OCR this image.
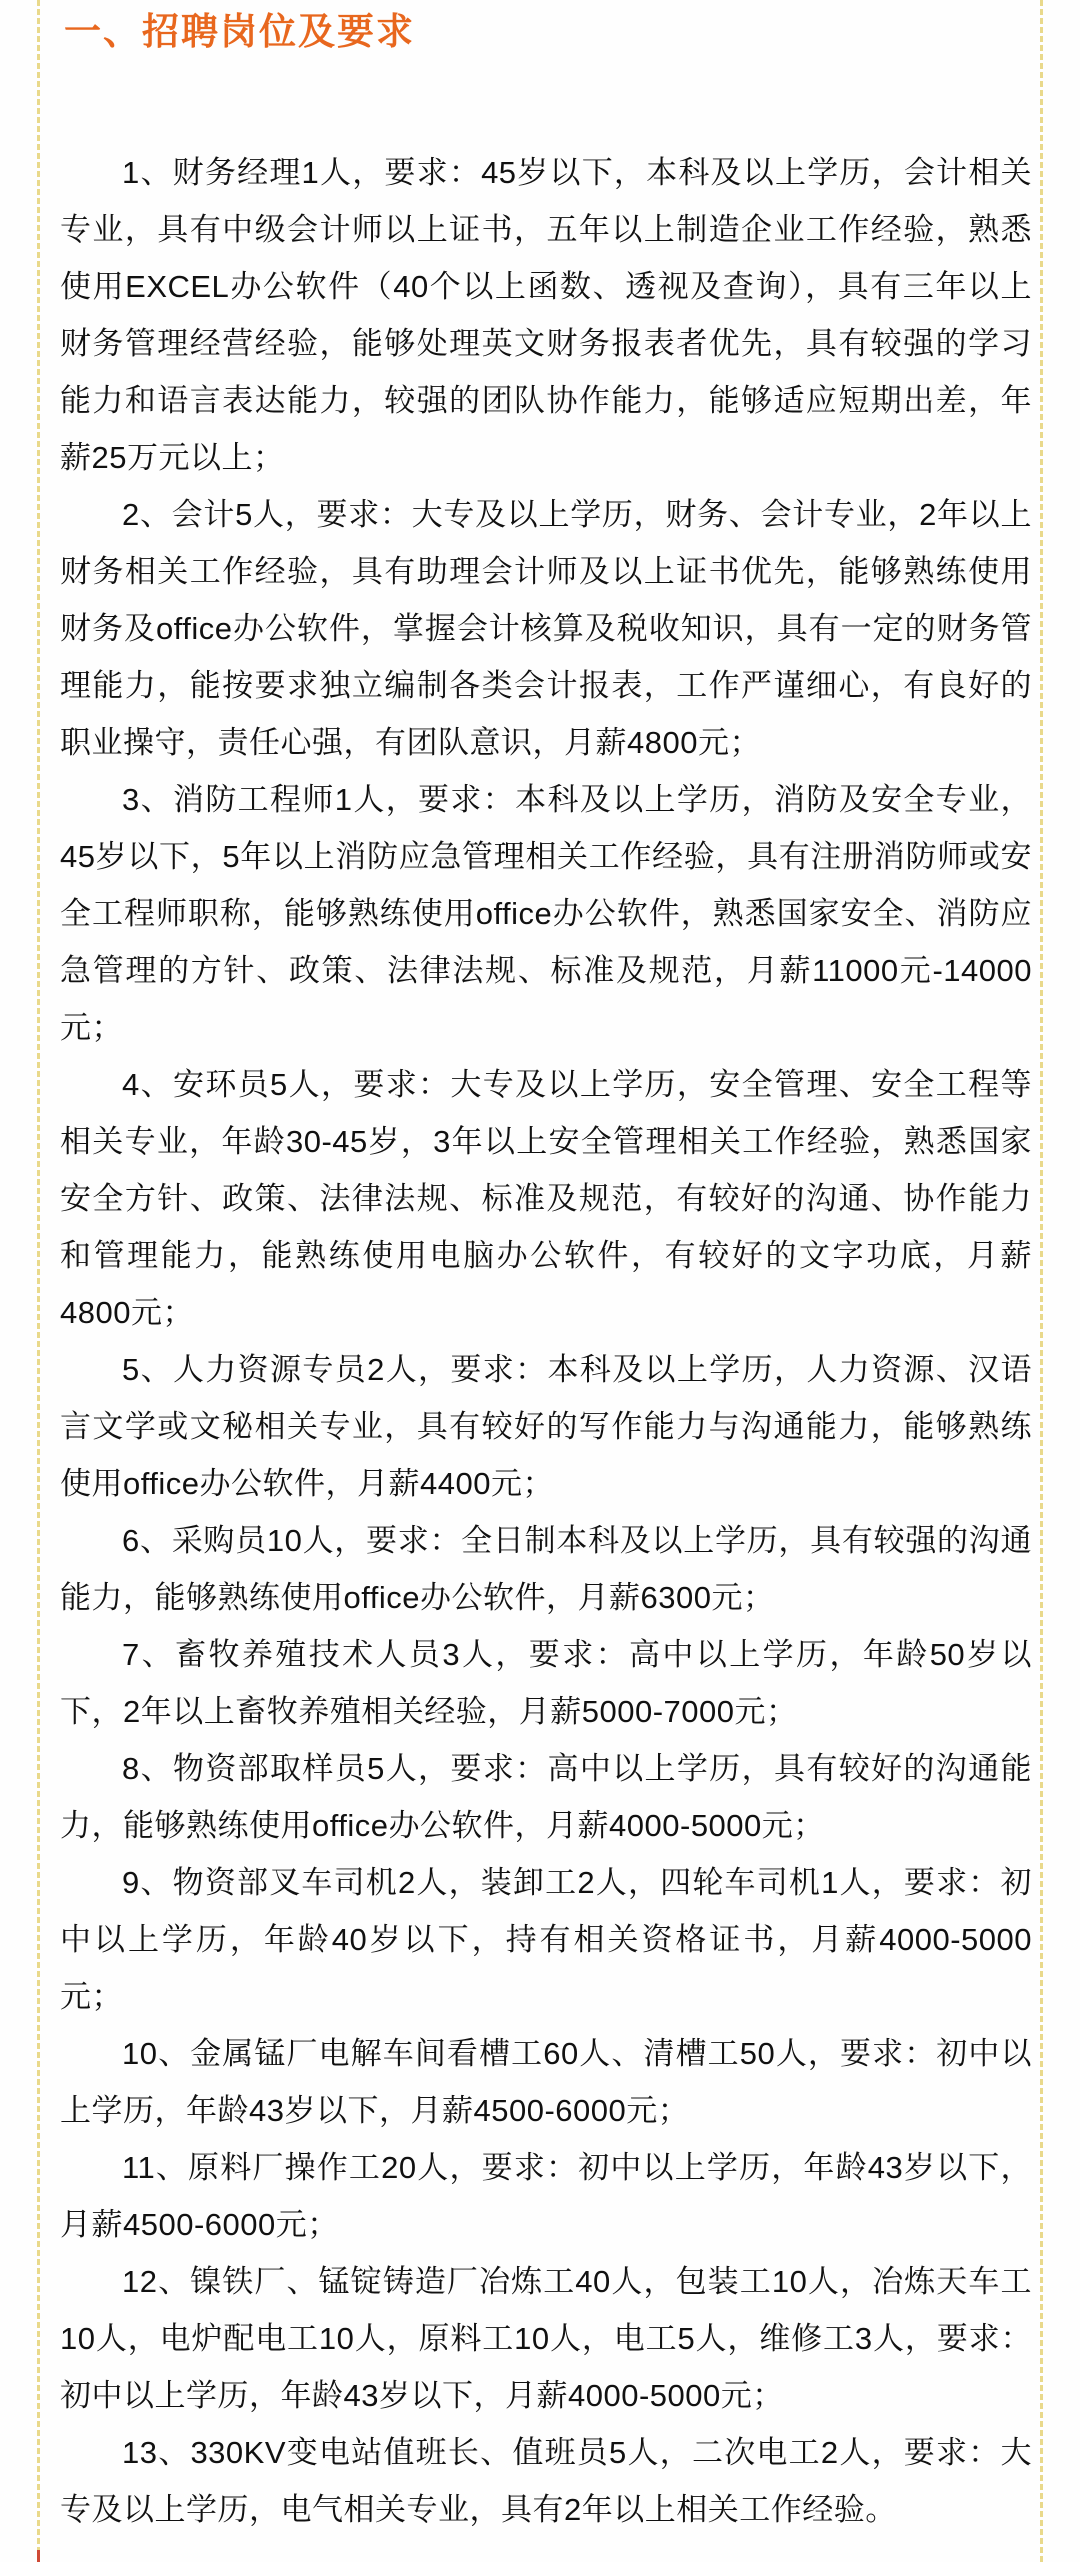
一、招聘岗位及要求

1、财务经理1人，要求：45岁以下，本科及以上学历，会计相关专业，具有中级会计师以上证书，五年以上制造企业工作经验，熟悉使用EXCEL办公软件（40个以上函数、透视及查询），具有三年以上财务管理经营经验，能够处理英文财务报表者优先，具有较强的学习能力和语言表达能力，较强的团队协作能力，能够适应短期出差，年薪25万元以上；

2、会计5人，要求：大专及以上学历，财务、会计专业，2年以上财务相关工作经验，具有助理会计师及以上证书优先，能够熟练使用财务及office办公软件，掌握会计核算及税收知识，具有一定的财务管理能力，能按要求独立编制各类会计报表，工作严谨细心，有良好的职业操守，责任心强，有团队意识，月薪4800元；

3、消防工程师1人，要求：本科及以上学历，消防及安全专业，45岁以下，5年以上消防应急管理相关工作经验，具有注册消防师或安全工程师职称，能够熟练使用office办公软件，熟悉国家安全、消防应急管理的方针、政策、法律法规、标准及规范，月薪11000元-14000元；

4、安环员5人，要求：大专及以上学历，安全管理、安全工程等相关专业，年龄30-45岁，3年以上安全管理相关工作经验，熟悉国家安全方针、政策、法律法规、标准及规范，有较好的沟通、协作能力和管理能力，能熟练使用电脑办公软件，有较好的文字功底，月薪4800元；

5、人力资源专员2人，要求：本科及以上学历，人力资源、汉语言文学或文秘相关专业，具有较好的写作能力与沟通能力，能够熟练使用office办公软件，月薪4400元；

6、采购员10人，要求：全日制本科及以上学历，具有较强的沟通能力，能够熟练使用office办公软件，月薪6300元；

7、畜牧养殖技术人员3人，要求：高中以上学历，年龄50岁以下，2年以上畜牧养殖相关经验，月薪5000-7000元；

8、物资部取样员5人，要求：高中以上学历，具有较好的沟通能力，能够熟练使用office办公软件，月薪4000-5000元；

9、物资部叉车司机2人，装卸工2人，四轮车司机1人，要求：初中以上学历，年龄40岁以下，持有相关资格证书，月薪4000-5000元；

10、金属锰厂电解车间看槽工60人、清槽工50人，要求：初中以上学历，年龄43岁以下，月薪4500-6000元；

11、原料厂操作工20人，要求：初中以上学历，年龄43岁以下，月薪4500-6000元；

12、镍铁厂、锰锭铸造厂冶炼工40人，包装工10人，冶炼天车工10人，电炉配电工10人，原料工10人，电工5人，维修工3人，要求：初中以上学历，年龄43岁以下，月薪4000-5000元；

13、330KV变电站值班长、值班员5人，二次电工2人，要求：大专及以上学历，电气相关专业，具有2年以上相关工作经验。
